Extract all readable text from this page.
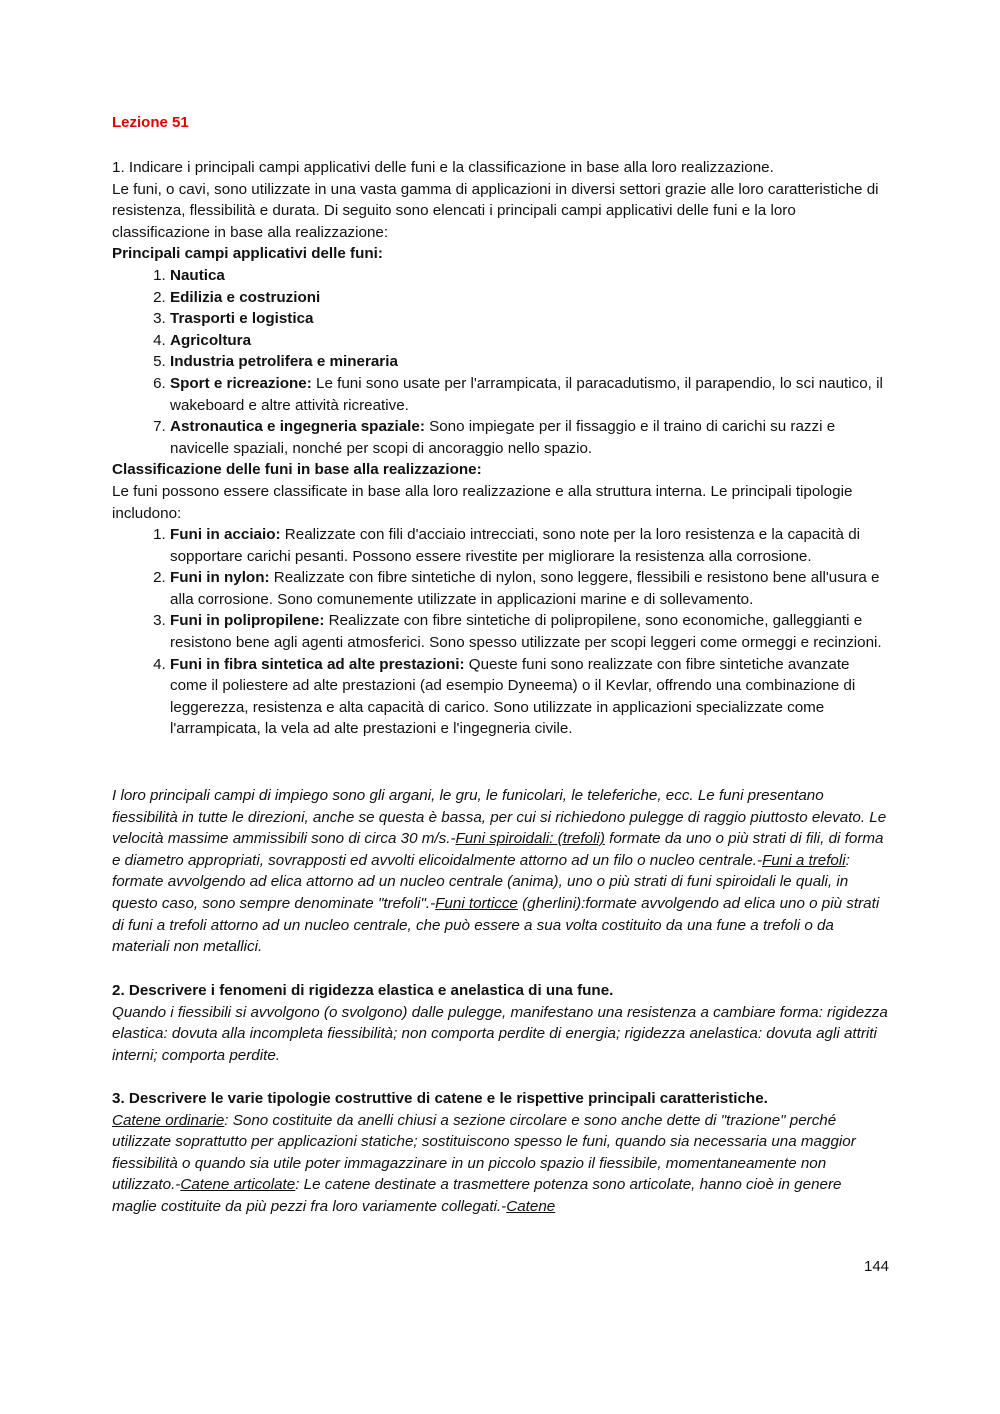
Lezione 51

1. Indicare i principali campi applicativi delle funi e la classificazione in base alla loro realizzazione.

Le funi, o cavi, sono utilizzate in una vasta gamma di applicazioni in diversi settori grazie alle loro caratteristiche di resistenza, flessibilità e durata. Di seguito sono elencati i principali campi applicativi delle funi e la loro classificazione in base alla realizzazione:

Principali campi applicativi delle funi:

1. Nautica
2. Edilizia e costruzioni
3. Trasporti e logistica
4. Agricoltura
5. Industria petrolifera e mineraria
6. Sport e ricreazione: Le funi sono usate per l'arrampicata, il paracadutismo, il parapendio, lo sci nautico, il wakeboard e altre attività ricreative.
7. Astronautica e ingegneria spaziale: Sono impiegate per il fissaggio e il traino di carichi su razzi e navicelle spaziali, nonché per scopi di ancoraggio nello spazio.

Classificazione delle funi in base alla realizzazione:

Le funi possono essere classificate in base alla loro realizzazione e alla struttura interna. Le principali tipologie includono:

1. Funi in acciaio: Realizzate con fili d'acciaio intrecciati, sono note per la loro resistenza e la capacità di sopportare carichi pesanti. Possono essere rivestite per migliorare la resistenza alla corrosione.
2. Funi in nylon: Realizzate con fibre sintetiche di nylon, sono leggere, flessibili e resistono bene all'usura e alla corrosione. Sono comunemente utilizzate in applicazioni marine e di sollevamento.
3. Funi in polipropilene: Realizzate con fibre sintetiche di polipropilene, sono economiche, galleggianti e resistono bene agli agenti atmosferici. Sono spesso utilizzate per scopi leggeri come ormeggi e recinzioni.
4. Funi in fibra sintetica ad alte prestazioni: Queste funi sono realizzate con fibre sintetiche avanzate come il poliestere ad alte prestazioni (ad esempio Dyneema) o il Kevlar, offrendo una combinazione di leggerezza, resistenza e alta capacità di carico. Sono utilizzate in applicazioni specializzate come l'arrampicata, la vela ad alte prestazioni e l'ingegneria civile.
I loro principali campi di impiego sono gli argani, le gru, le funicolari, le teleferiche, ecc. Le funi presentano fiessibilità in tutte le direzioni, anche se questa è bassa, per cui si richiedono pulegge di raggio piuttosto elevato. Le velocità massime ammissibili sono di circa 30 m/s.-Funi spiroidali: (trefoli) formate da uno o più strati di fili, di forma e diametro appropriati, sovrapposti ed avvolti elicoidalmente attorno ad un filo o nucleo centrale.-Funi a trefoli: formate avvolgendo ad elica attorno ad un nucleo centrale (anima), uno o più strati di funi spiroidali le quali, in questo caso, sono sempre denominate "trefoli".-Funi torticce (gherlini):formate avvolgendo ad elica uno o più strati di funi a trefoli attorno ad un nucleo centrale, che può essere a sua volta costituito da una fune a trefoli o da materiali non metallici.

2. Descrivere i fenomeni di rigidezza elastica e anelastica di una fune.

Quando i fiessibili si avvolgono (o svolgono) dalle pulegge, manifestano una resistenza a cambiare forma: rigidezza elastica: dovuta alla incompleta fiessibilità; non comporta perdite di energia; rigidezza anelastica: dovuta agli attriti interni; comporta perdite.

3. Descrivere le varie tipologie costruttive di catene e le rispettive principali caratteristiche.

Catene ordinarie: Sono costituite da anelli chiusi a sezione circolare e sono anche dette di "trazione" perché utilizzate soprattutto per applicazioni statiche; sostituiscono spesso le funi, quando sia necessaria una maggior fiessibilità o quando sia utile poter immagazzinare in un piccolo spazio il fiessibile, momentaneamente non utilizzato.-Catene articolate: Le catene destinate a trasmettere potenza sono articolate, hanno cioè in genere maglie costituite da più pezzi fra loro variamente collegati.-Catene

144
